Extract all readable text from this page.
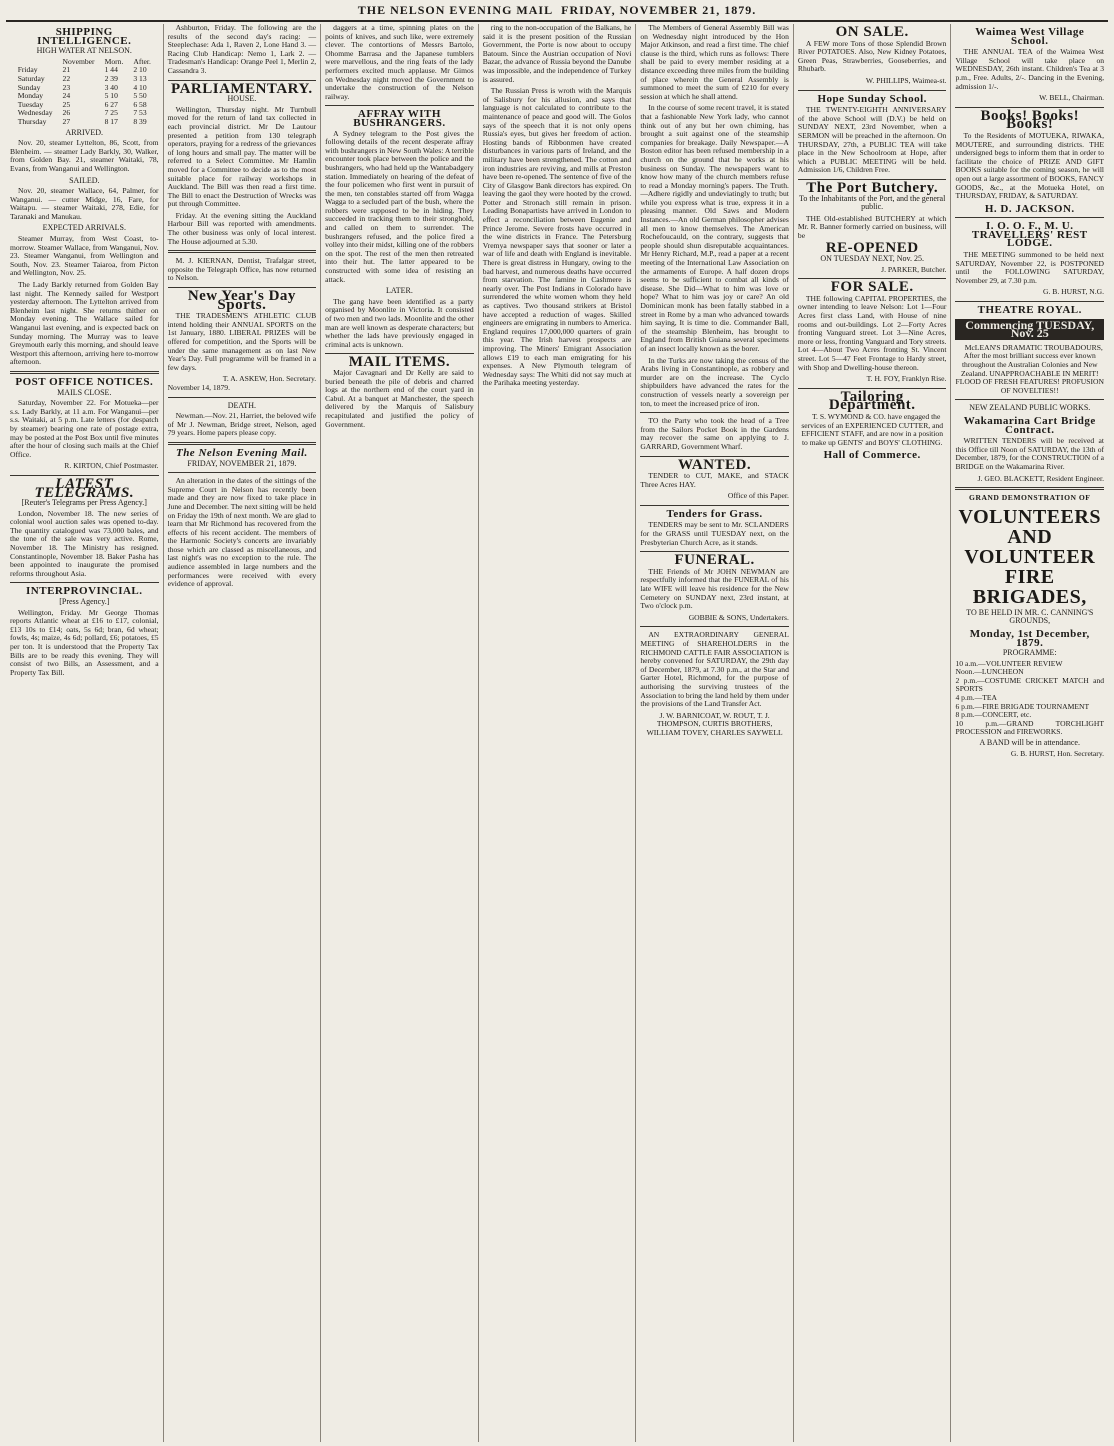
THE NELSON EVENING MAIL FRIDAY, NOVEMBER 21, 1879.
SHIPPING INTELLIGENCE.
HIGH WATER AT NELSON.
	November	Morn.	After.
Friday	21	1 44	2 10
Saturday	22	2 39	3 13
Sunday	23	3 40	4 10
Monday	24	5 10	5 50
Tuesday	25	6 27	6 58
Wednesday	26	7 25	7 53
Thursday	27	8 17	8 39
ARRIVED.

Nov. 20, steamer Lyttelton, 86, Scott, from Blenheim. — steamer Lady Barkly, 30, Walker, from Golden Bay. 21, steamer Waitaki, 78, Evans, from Wanganui and Wellington.

SAILED.

Nov. 20, steamer Wallace, 64, Palmer, for Wanganui. — cutter Midge, 16, Fare, for Waitapu. — steamer Waitaki, 278, Edie, for Taranaki and Manukau.

EXPECTED ARRIVALS.

Steamer Murray, from West Coast, to-morrow. Steamer Wallace, from Wanganui, Nov. 23. Steamer Wanganui, from Wellington and South, Nov. 23. Steamer Taiaroa, from Picton and Wellington, Nov. 25.

The Lady Barkly returned from Golden Bay last night. The Kennedy sailed for Westport yesterday afternoon. The Lyttelton arrived from Blenheim last night. She returns thither on Monday evening. The Wallace sailed for Wanganui last evening, and is expected back on Sunday morning. The Murray was to leave Greymouth early this morning, and should leave Westport this afternoon, arriving here to-morrow afternoon.

POST OFFICE NOTICES.
MAILS CLOSE.

Saturday, November 22. For Motueka—per s.s. Lady Barkly, at 11 a.m. For Wanganui—per s.s. Waitaki, at 5 p.m. Late letters (for despatch by steamer) bearing one rate of postage extra, may be posted at the Post Box until five minutes after the hour of closing such mails at the Chief Office.

R. KIRTON, Chief Postmaster.
LATEST TELEGRAMS.
[Reuter's Telegrams per Press Agency.]

London, November 18. The new series of colonial wool auction sales was opened to-day. The quantity catalogued was 73,000 bales, and the tone of the sale was very active. Rome, November 18. The Ministry has resigned. Constantinople, November 18. Baker Pasha has been appointed to inaugurate the promised reforms throughout Asia.

INTERPROVINCIAL.
[Press Agency.]

Wellington, Friday. Mr George Thomas reports Atlantic wheat at £16 to £17, colonial, £13 10s to £14; oats, 5s 6d; bran, 6d wheat; fowls, 4s; maize, 4s 6d; pollard, £6; potatoes, £5 per ton. It is understood that the Property Tax Bills are to be ready this evening. They will consist of two Bills, an Assessment, and a Property Tax Bill.

Ashburton, Friday. The following are the results of the second day's racing: — Steeplechase: Ada 1, Raven 2, Lone Hand 3. — Racing Club Handicap: Nemo 1, Lark 2. — Tradesman's Handicap: Orange Peel 1, Merlin 2, Cassandra 3.

PARLIAMENTARY.
HOUSE.

Wellington, Thursday night. Mr Turnbull moved for the return of land tax collected in each provincial district. Mr De Lautour presented a petition from 130 telegraph operators, praying for a redress of the grievances of long hours and small pay. The matter will be referred to a Select Committee. Mr Hamlin moved for a Committee to decide as to the most suitable place for railway workshops in Auckland. The Bill was then read a first time. The Bill to enact the Destruction of Wrecks was put through Committee.

Friday. At the evening sitting the Auckland Harbour Bill was reported with amendments. The other business was only of local interest. The House adjourned at 5.30.

M. J. KIERNAN, Dentist, Trafalgar street, opposite the Telegraph Office, has now returned to Nelson.

New Year's Day Sports.

THE TRADESMEN'S ATHLETIC CLUB intend holding their ANNUAL SPORTS on the 1st January, 1880. LIBERAL PRIZES will be offered for competition, and the Sports will be under the same management as on last New Year's Day. Full programme will be framed in a few days.

T. A. ASKEW, Hon. Secretary.
November 14, 1879.
DEATH.

Newman.—Nov. 21, Harriet, the beloved wife of Mr J. Newman, Bridge street, Nelson, aged 79 years. Home papers please copy.

The Nelson Evening Mail.
FRIDAY, NOVEMBER 21, 1879.

An alteration in the dates of the sittings of the Supreme Court in Nelson has recently been made and they are now fixed to take place in June and December. The next sitting will be held on Friday the 19th of next month. We are glad to learn that Mr Richmond has recovered from the effects of his recent accident. The members of the Harmonic Society's concerts are invariably those which are classed as miscellaneous, and last night's was no exception to the rule. The audience assembled in large numbers and the performances were received with every evidence of approval.

daggers at a time, spinning plates on the points of knives, and such like, were extremely clever. The contortions of Messrs Bartolo, Ohomme Barrasa and the Japanese tumblers were marvellous, and the ring feats of the lady performers excited much applause. Mr Gimos on Wednesday night moved the Government to undertake the construction of the Nelson railway.

AFFRAY WITH BUSHRANGERS.

A Sydney telegram to the Post gives the following details of the recent desperate affray with bushrangers in New South Wales: A terrible encounter took place between the police and the bushrangers, who had held up the Wantabadgery station. Immediately on hearing of the defeat of the four policemen who first went in pursuit of the men, ten constables started off from Wagga Wagga to a secluded part of the bush, where the robbers were supposed to be in hiding. They succeeded in tracking them to their stronghold, and called on them to surrender. The bushrangers refused, and the police fired a volley into their midst, killing one of the robbers on the spot. The rest of the men then retreated into their hut. The latter appeared to be constructed with some idea of resisting an attack.

LATER.

The gang have been identified as a party organised by Moonlite in Victoria. It consisted of two men and two lads. Moonlite and the other man are well known as desperate characters; but whether the lads have previously engaged in criminal acts is unknown.

MAIL ITEMS.

Major Cavagnari and Dr Kelly are said to buried beneath the pile of debris and charred logs at the northern end of the court yard in Cabul. At a banquet at Manchester, the speech delivered by the Marquis of Salisbury recapitulated and justified the policy of Government.

ring to the non-occupation of the Balkans, he said it is the present position of the Russian Government, the Porte is now about to occupy Batoum. Since the Austrian occupation of Novi Bazar, the advance of Russia beyond the Danube was impossible, and the independence of Turkey is assured.

The Russian Press is wroth with the Marquis of Salisbury for his allusion, and says that language is not calculated to contribute to the maintenance of peace and good will. The Golos says of the speech that it is not only opens Russia's eyes, but gives her freedom of action. Hosting bands of Ribbonmen have created disturbances in various parts of Ireland, and the military have been strengthened. The cotton and iron industries are reviving, and mills at Preston have been re-opened. The sentence of five of the City of Glasgow Bank directors has expired. On leaving the gaol they were hooted by the crowd. Potter and Stronach still remain in prison. Leading Bonapartists have arrived in London to effect a reconciliation between Eugenie and Prince Jerome. Severe frosts have occurred in the wine districts in France. The Petersburg Vremya newspaper says that sooner or later a war of life and death with England is inevitable. There is great distress in Hungary, owing to the bad harvest, and numerous deaths have occurred from starvation. The famine in Cashmere is nearly over. The Post Indians in Colorado have surrendered the white women whom they held as captives. Two thousand strikers at Bristol have accepted a reduction of wages. Skilled engineers are emigrating in numbers to America. England requires 17,000,000 quarters of grain this year. The Irish harvest prospects are improving. The Miners' Emigrant Association allows £19 to each man emigrating for his expenses. A New Plymouth telegram of Wednesday says: The Whiti did not say much at the Parihaka meeting yesterday.

The Members of General Assembly Bill was on Wednesday night introduced by the Hon Major Atkinson, and read a first time. The chief clause is the third, which runs as follows: There shall be paid to every member residing at a distance exceeding three miles from the building of place wherein the General Assembly is summoned to meet the sum of £210 for every session at which he shall attend.

In the course of some recent travel, it is stated that a fashionable New York lady, who cannot think out of any but her own chiming, has brought a suit against one of the steamship companies for breakage. Daily Newspaper.—A Boston editor has been refused membership in a church on the ground that he works at his business on Sunday. The newspapers want to know how many of the church members refuse to read a Monday morning's papers. The Truth.—Adhere rigidly and undeviatingly to truth; but while you express what is true, express it in a pleasing manner. Old Saws and Modern Instances.—An old German philosopher advises all men to know themselves. The American Rochefoucauld, on the contrary, suggests that people should shun disreputable acquaintances. Mr Henry Richard, M.P., read a paper at a recent meeting of the International Law Association on the armaments of Europe. A half dozen drops seems to be sufficient to combat all kinds of disease. She Did—What to him was love or hope? What to him was joy or care? An old Dominican monk has been fatally stabbed in a street in Rome by a man who advanced towards him saying, It is time to die. Commander Ball, of the steamship Blenheim, has brought to England from British Guiana several specimens of an insect locally known as the borer.

In the Turks are now taking the census of the Arabs living in Constantinople, as robbery and murder are on the increase. The Cyclo shipbuilders have advanced the rates for the construction of vessels nearly a sovereign per ton, to meet the increased price of iron.

TO the Party who took the head of a Tree from the Sailors Pocket Book in the Gardens may recover the same on applying to J. GARRARD, Government Wharf.

WANTED.

TENDER to CUT, MAKE, and STACK Three Acres HAY.

Office of this Paper.
Tenders for Grass.

TENDERS may be sent to Mr. SCLANDERS for the GRASS until TUESDAY next, on the Presbyterian Church Acre, as it stands.

FUNERAL.

THE Friends of Mr JOHN NEWMAN are respectfully informed that the FUNERAL of his late WIFE will leave his residence for the New Cemetery on SUNDAY next, 23rd instant, at Two o'clock p.m.

GOBBIE & SONS, Undertakers.

AN EXTRAORDINARY GENERAL MEETING of SHAREHOLDERS in the RICHMOND CATTLE FAIR ASSOCIATION is hereby convened for SATURDAY, the 29th day of December, 1879, at 7.30 p.m., at the Star and Garter Hotel, Richmond, for the purpose of authorising the surviving trustees of the Association to bring the land held by them under the provisions of the Land Transfer Act.

J. W. BARNICOAT, W. ROUT, T. J. THOMPSON, CURTIS BROTHERS, WILLIAM TOVEY, CHARLES SAYWELL
ON SALE.

A FEW more Tons of those Splendid Brown River POTATOES. Also, New Kidney Potatoes, Green Peas, Strawberries, Gooseberries, and Rhubarb.

W. PHILLIPS, Waimea-st.
Hope Sunday School.

THE TWENTY-EIGHTH ANNIVERSARY of the above School will (D.V.) be held on SUNDAY NEXT, 23rd November, when a SERMON will be preached in the afternoon. On THURSDAY, 27th, a PUBLIC TEA will take place in the New Schoolroom at Hope, after which a PUBLIC MEETING will be held. Admission 1/6, Children Free.

The Port Butchery.
To the Inhabitants of the Port, and the general public.

THE Old-established BUTCHERY at which Mr. R. Banner formerly carried on business, will be

RE-OPENED
ON TUESDAY NEXT, Nov. 25.
J. PARKER, Butcher.
FOR SALE.

THE following CAPITAL PROPERTIES, the owner intending to leave Nelson: Lot 1—Four Acres first class Land, with House of nine rooms and out-buildings. Lot 2—Forty Acres fronting Vanguard street. Lot 3—Nine Acres, more or less, fronting Vanguard and Tory streets. Lot 4—About Two Acres fronting St. Vincent street. Lot 5—47 Feet Frontage to Hardy street, with Shop and Dwelling-house thereon.

T. H. FOY, Franklyn Rise.
Tailoring Department.

T. S. WYMOND & CO. have engaged the services of an EXPERIENCED CUTTER, and EFFICIENT STAFF, and are now in a position to make up GENTS' and BOYS' CLOTHING.

Hall of Commerce.
Waimea West Village School.

THE ANNUAL TEA of the Waimea West Village School will take place on WEDNESDAY, 26th instant. Children's Tea at 3 p.m., Free. Adults, 2/-. Dancing in the Evening, admission 1/-.

W. BELL, Chairman.
Books! Books! Books!

To the Residents of MOTUEKA, RIWAKA, MOUTERE, and surrounding districts. THE undersigned begs to inform them that in order to facilitate the choice of PRIZE AND GIFT BOOKS suitable for the coming season, he will open out a large assortment of BOOKS, FANCY GOODS, &c., at the Motueka Hotel, on THURSDAY, FRIDAY, & SATURDAY.

H. D. JACKSON.
I. O. O. F., M. U. TRAVELLERS' REST LODGE.

THE MEETING summoned to be held next SATURDAY, November 22, is POSTPONED until the FOLLOWING SATURDAY, November 29, at 7.30 p.m.

G. B. HURST, N.G.
THEATRE ROYAL.
Commencing TUESDAY, Nov. 25

McLEAN'S DRAMATIC TROUBADOURS, After the most brilliant success ever known throughout the Australian Colonies and New Zealand. UNAPPROACHABLE IN MERIT! FLOOD OF FRESH FEATURES! PROFUSION OF NOVELTIES!!

NEW ZEALAND PUBLIC WORKS.
Wakamarina Cart Bridge Contract.

WRITTEN TENDERS will be received at this Office till Noon of SATURDAY, the 13th of December, 1879, for the CONSTRUCTION of a BRIDGE on the Wakamarina River.

J. GEO. BLACKETT, Resident Engineer.
GRAND DEMONSTRATION OF
VOLUNTEERS AND VOLUNTEER FIRE BRIGADES,
TO BE HELD IN MR. C. CANNING'S GROUNDS,
Monday, 1st December, 1879.
PROGRAMME:
10 a.m.—VOLUNTEER REVIEW
Noon.—LUNCHEON
2 p.m.—COSTUME CRICKET MATCH and SPORTS
4 p.m.—TEA
6 p.m.—FIRE BRIGADE TOURNAMENT
8 p.m.—CONCERT, etc.
10 p.m.—GRAND TORCHLIGHT PROCESSION and FIREWORKS.
A BAND will be in attendance.
G. B. HURST, Hon. Secretary.
